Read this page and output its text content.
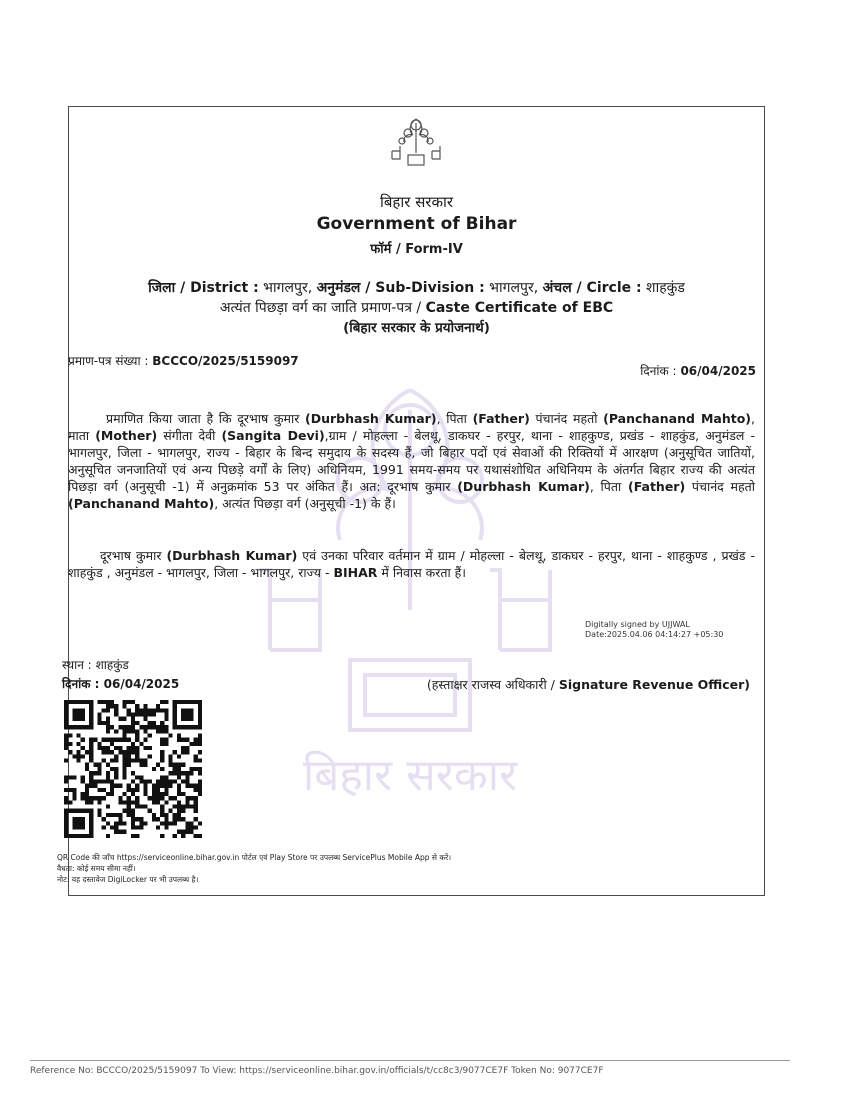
बिहार सरकार
बिहार सरकार
Government of Bihar
फॉर्म / Form-IV
जिला / District : भागलपुर, अनुमंडल / Sub-Division : भागलपुर, अंचल / Circle : शाहकुंड
अत्यंत पिछड़ा वर्ग का जाति प्रमाण-पत्र / Caste Certificate of EBC
(बिहार सरकार के प्रयोजनार्थ)
प्रमाण-पत्र संख्या : BCCCO/2025/5159097
दिनांक : 06/04/2025
प्रमाणित किया जाता है कि दूरभाष कुमार (Durbhash Kumar), पिता (Father) पंचानंद महतो (Panchanand Mahto), माता (Mother) संगीता देवी (Sangita Devi),ग्राम / मोहल्ला - बेलथू, डाकघर - हरपुर, थाना - शाहकुण्ड, प्रखंड - शाहकुंड, अनुमंडल - भागलपुर, जिला - भागलपुर, राज्य - बिहार के बिन्द समुदाय के सदस्य हैं, जो बिहार पदों एवं सेवाओं की रिक्तियों में आरक्षण (अनुसूचित जातियों, अनुसूचित जनजातियों एवं अन्य पिछड़े वर्गों के लिए) अधिनियम, 1991 समय-समय पर यथासंशोधित अधिनियम के अंतर्गत बिहार राज्य की अत्यंत पिछड़ा वर्ग (अनुसूची -1) में अनुक्रमांक 53 पर अंकित हैं। अत: दूरभाष कुमार (Durbhash Kumar), पिता (Father) पंचानंद महतो (Panchanand Mahto), अत्यंत पिछड़ा वर्ग (अनुसूची -1) के हैं।
दूरभाष कुमार (Durbhash Kumar) एवं उनका परिवार वर्तमान में ग्राम / मोहल्ला - बेलथू, डाकघर - हरपुर, थाना - शाहकुण्ड , प्रखंड - शाहकुंड , अनुमंडल - भागलपुर, जिला - भागलपुर, राज्य - BIHAR में निवास करता हैं।
Digitally signed by UJJWAL
Date:2025.04.06 04:14:27 +05:30
स्थान : शाहकुंड
दिनांक : 06/04/2025	(हस्ताक्षर राजस्व अधिकारी / Signature Revenue Officer)
QR Code की जाँच https://serviceonline.bihar.gov.in पोर्टल एवं Play Store पर उपलब्ध ServicePlus Mobile App से करें।
वैधता: कोई समय सीमा नहीं।
नोट: यह दस्तावेज DigiLocker पर भी उपलब्ध है।
Reference No: BCCCO/2025/5159097 To View: https://serviceonline.bihar.gov.in/officials/t/cc8c3/9077CE7F Token No: 9077CE7F
